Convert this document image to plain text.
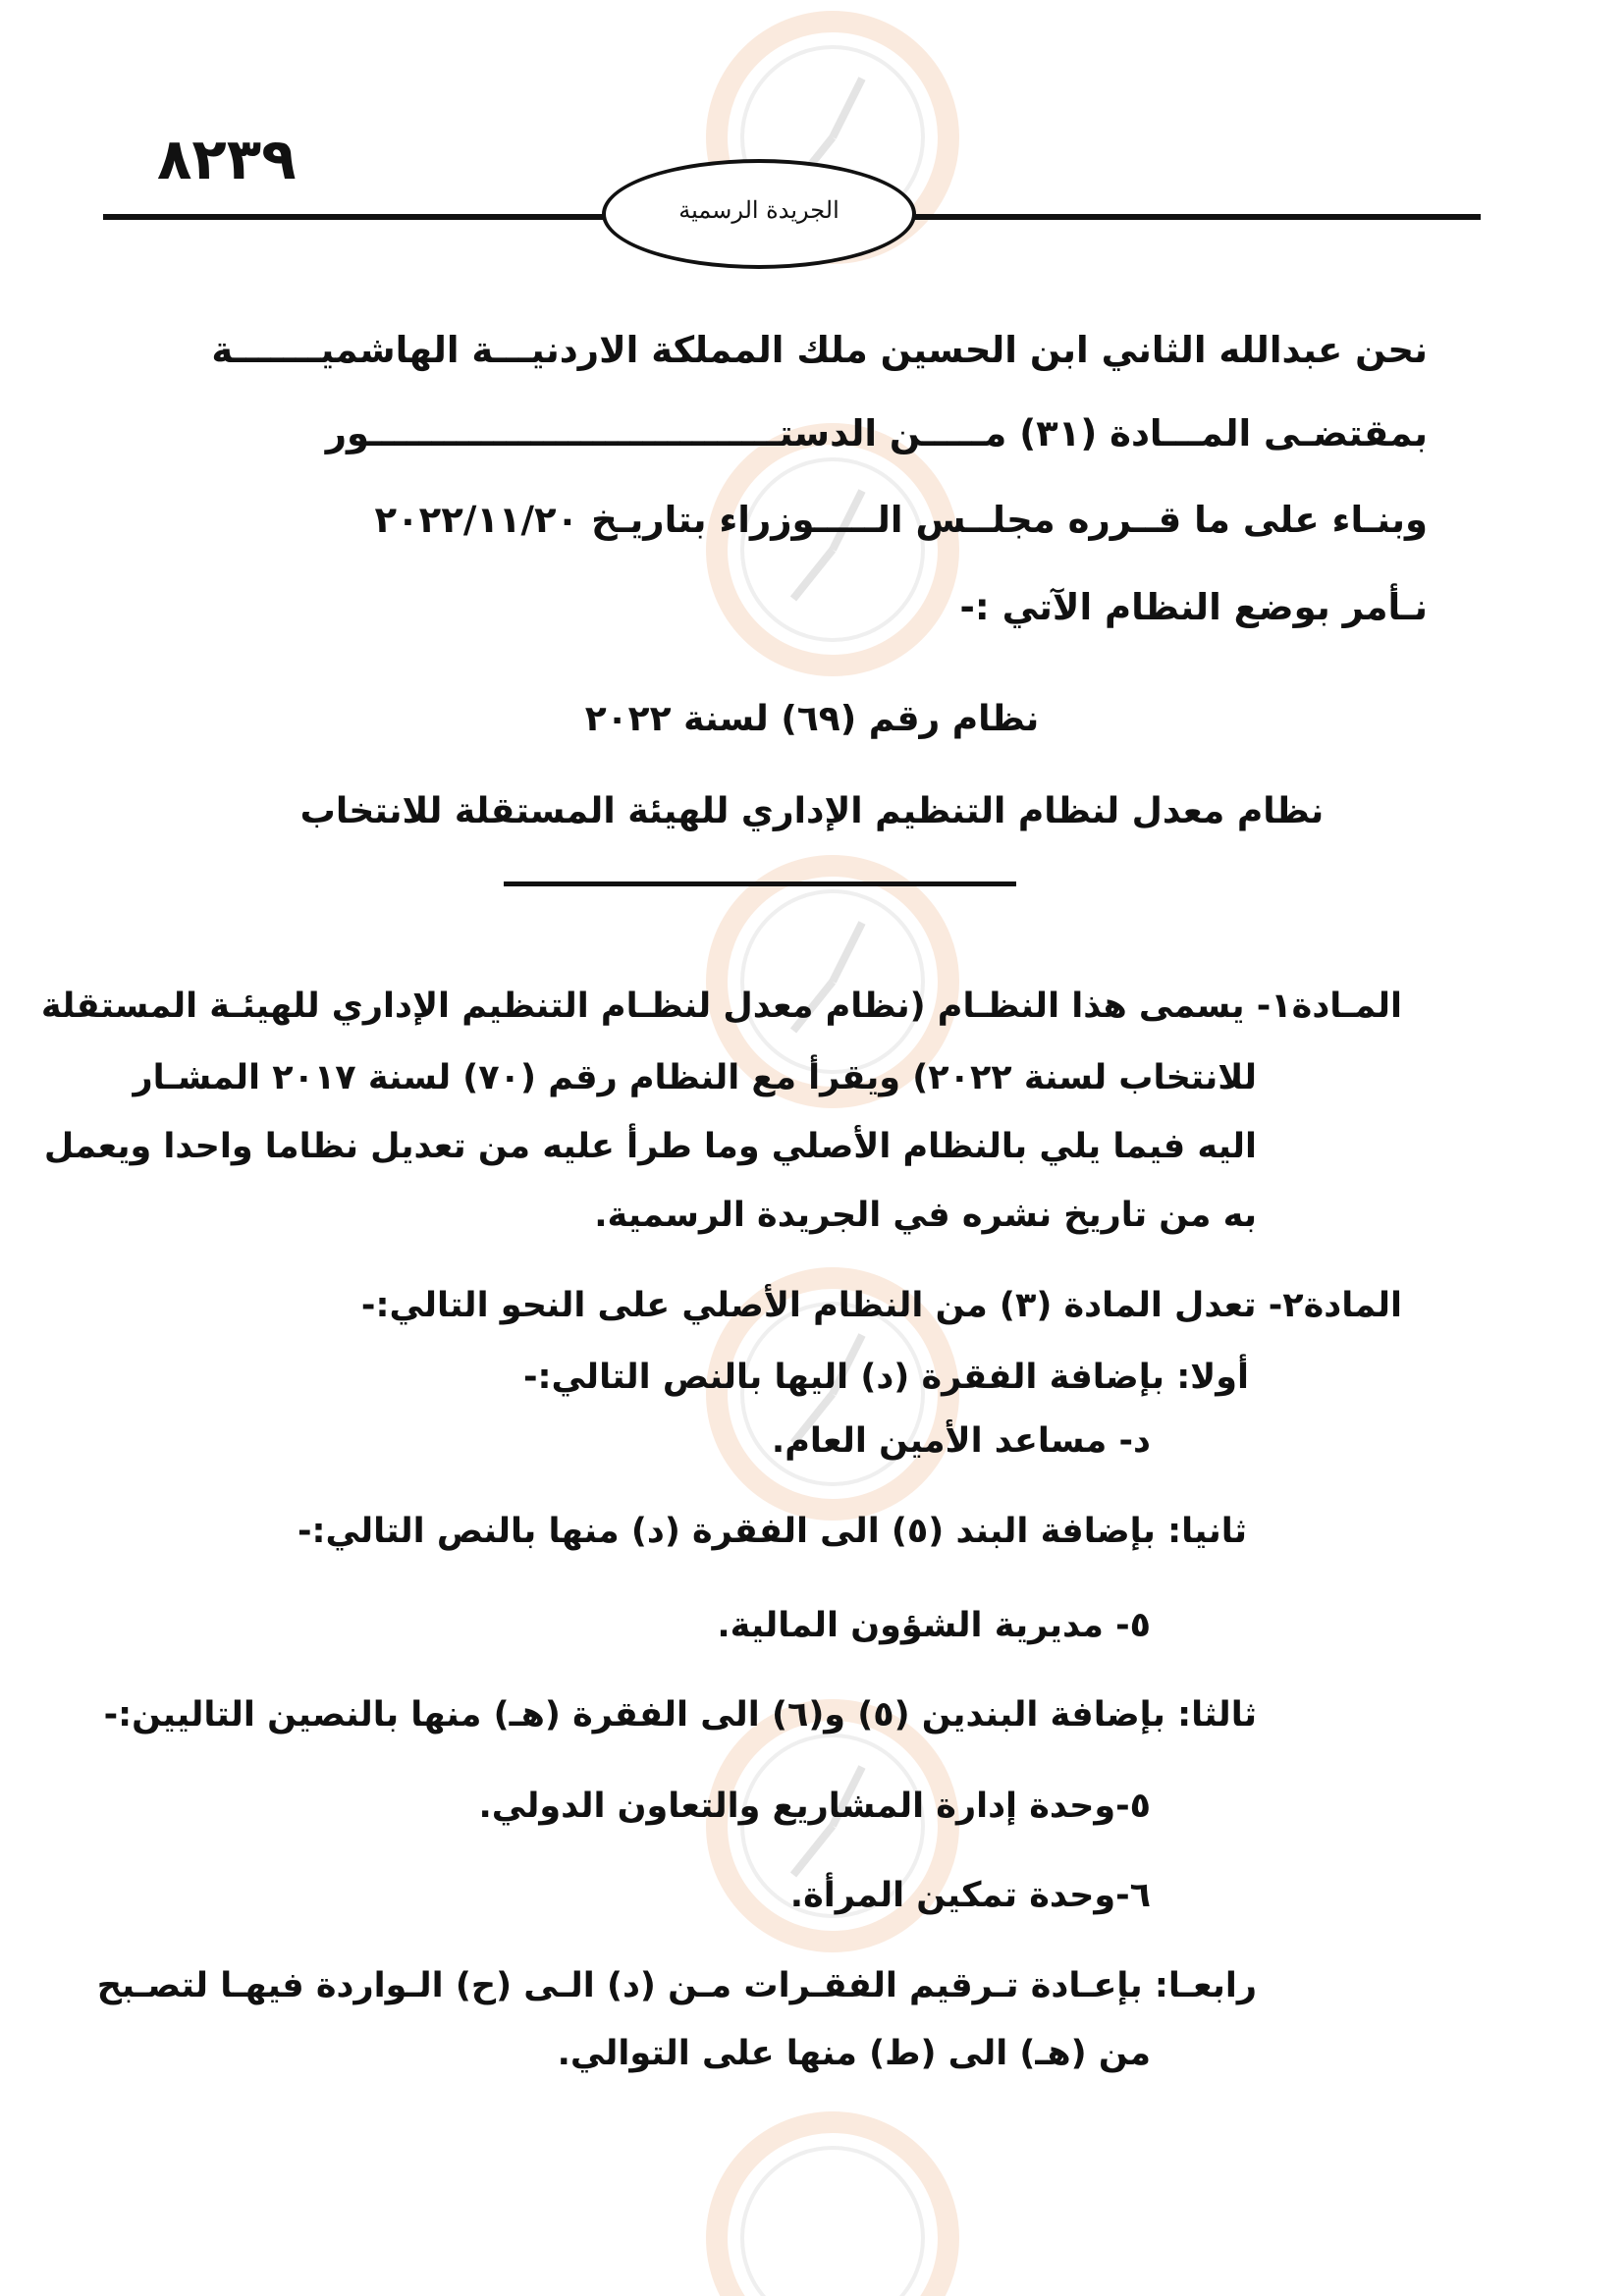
٨٢٣٩
الجريدة الرسمية
نحن عبدالله الثاني ابن الحسين ملك المملكة الاردنيـــة الهاشميـــــــة
بمقتضـى المـــادة (٣١) مـــــن الدستـــــــــــــــــــــــــــــــــور
وبنـاء على ما قــرره مجلــس الـــــوزراء بتاريـخ ٢٠٢٢/١١/٢٠
نـأمر بوضع النظام الآتي :-
نظام رقم (٦٩) لسنة ٢٠٢٢
نظام معدل لنظام التنظيم الإداري للهيئة المستقلة للانتخاب
المـادة١- يسمى هذا النظـام (نظام معدل لنظـام التنظيم الإداري للهيئـة المستقلة
للانتخاب لسنة ٢٠٢٢) ويقرأ مع النظام رقم (٧٠) لسنة ٢٠١٧ المشـار
اليه فيما يلي بالنظام الأصلي وما طرأ عليه من تعديل نظاما واحدا ويعمل
به من تاريخ نشره في الجريدة الرسمية.
المادة٢- تعدل المادة (٣) من النظام الأصلي على النحو التالي:-
أولا: بإضافة الفقرة (د) اليها بالنص التالي:-
د- مساعد الأمين العام.
ثانيا: بإضافة البند (٥) الى الفقرة (د) منها بالنص التالي:-
٥- مديرية الشؤون المالية.
ثالثا: بإضافة البندين (٥) و(٦) الى الفقرة (هـ) منها بالنصين التاليين:-
٥-وحدة إدارة المشاريع والتعاون الدولي.
٦-وحدة تمكين المرأة.
رابعـا: بإعـادة تـرقيم الفقـرات مـن (د) الـى (ح) الـواردة فيهـا لتصـبح
من (هـ) الى (ط) منها على التوالي.
